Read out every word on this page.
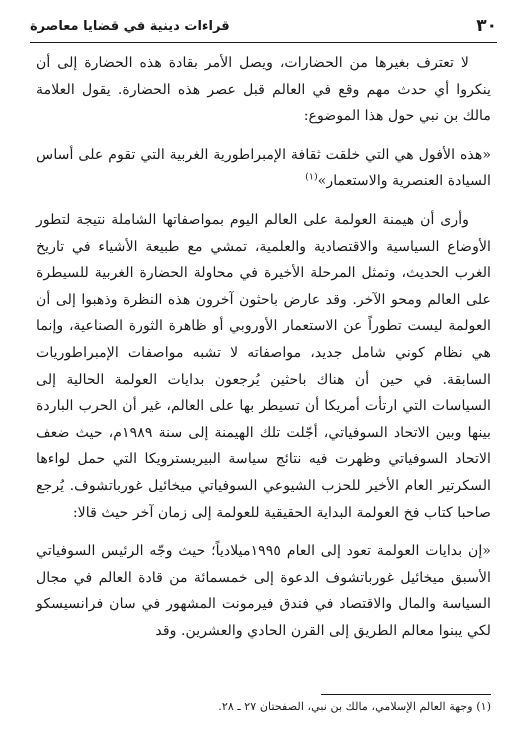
٣٠
قراءات دينية في قضايا معاصرة

لا تعترف بغيرها من الحضارات، ويصل الأمر بقادة هذه الحضارة إلى أن ينكروا أي حدث مهم وقع في العالم قبل عصر هذه الحضارة. يقول العلامة مالك بن نبي حول هذا الموضوع:

«هذه الأفول هي التي خلقت ثقافة الإمبراطورية الغربية التي تقوم على أساس السيادة العنصرية والاستعمار»$^{(١)}$

وأرى أن هيمنة العولمة على العالم اليوم بمواصفاتها الشاملة نتيجة لتطور الأوضاع السياسية والاقتصادية والعلمية، تمشي مع طبيعة الأشياء في تاريخ الغرب الحديث، وتمثل المرحلة الأخيرة في محاولة الحضارة الغربية للسيطرة على العالم ومحو الآخر. وقد عارض باحثون آخرون هذه النظرة وذهبوا إلى أن العولمة ليست تطوراً عن الاستعمار الأوروبي أو ظاهرة الثورة الصناعية، وإنما هي نظام كوني شامل جديد، مواصفاته لا تشبه مواصفات الإمبراطوريات السابقة. في حين أن هناك باحثين يُرجعون بدايات العولمة الحالية إلى السياسات التي ارتأت أمريكا أن تسيطر بها على العالم، غير أن الحرب الباردة بينها وبين الاتحاد السوفياتي، أجّلت تلك الهيمنة إلى سنة ١٩٨٩م، حيث ضعف الاتحاد السوفياتي وظهرت فيه نتائج سياسة البيريسترويكا التي حمل لواءها السكرتير العام الأخير للحزب الشيوعي السوفياتي ميخائيل غورباتشوف. يُرجع صاحبا كتاب فخ العولمة البداية الحقيقية للعولمة إلى زمان آخر حيث قالا:

«إن بدايات العولمة تعود إلى العام ١٩٩٥ميلادياً؛ حيث وجّه الرئيس السوفياتي الأسبق ميخائيل غورباتشوف الدعوة إلى خمسمائة من قادة العالم في مجال السياسة والمال والاقتصاد في فندق فيرمونت المشهور في سان فرانسيسكو لكي يبنوا معالم الطريق إلى القرن الحادي والعشرين. وقد

(١) وجهة العالم الإسلامي، مالك بن نبي، الصفحتان ٢٧ ـ ٢٨.
